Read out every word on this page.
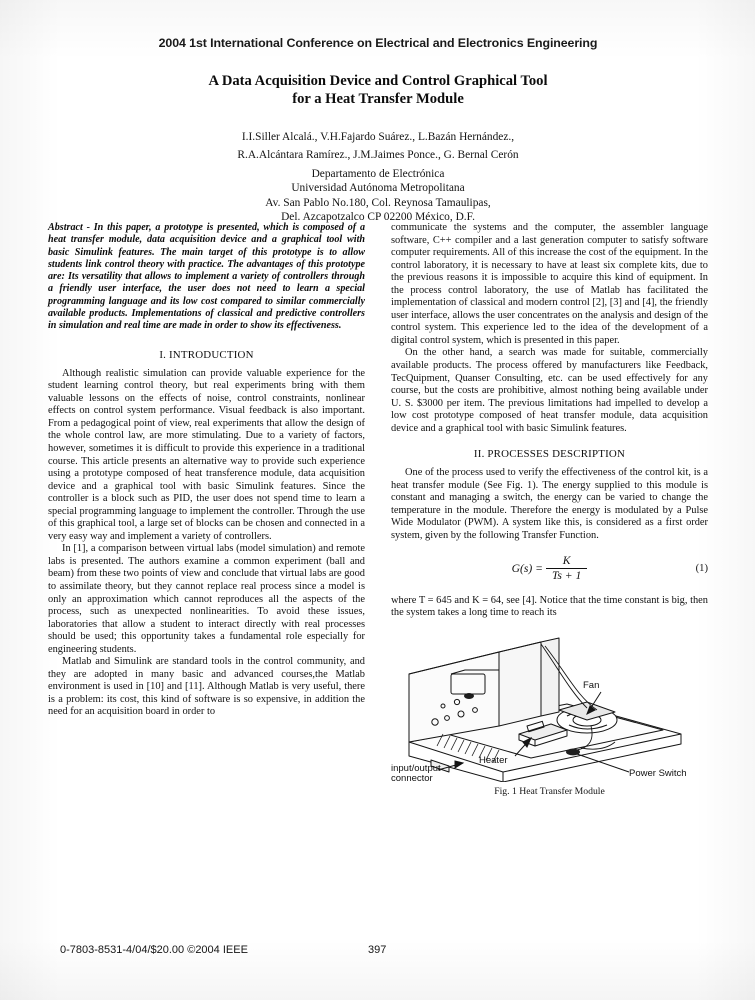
2004 1st International Conference on Electrical and Electronics Engineering
A Data Acquisition Device and Control Graphical Tool
for a Heat Transfer Module
I.I.Siller Alcalá., V.H.Fajardo Suárez., L.Bazán Hernández.,
R.A.Alcántara Ramírez., J.M.Jaimes Ponce., G. Bernal Cerón
Departamento de Electrónica
Universidad Autónoma Metropolitana
Av. San Pablo No.180, Col. Reynosa Tamaulipas,
Del. Azcapotzalco CP 02200 México, D.F.
Abstract - In this paper, a prototype is presented, which is composed of a heat transfer module, data acquisition device and a graphical tool with basic Simulink features. The main target of this prototype is to allow students link control theory with practice. The advantages of this prototype are: Its versatility that allows to implement a variety of controllers through a friendly user interface, the user does not need to learn a special programming language and its low cost compared to similar commercially available products. Implementations of classical and predictive controllers in simulation and real time are made in order to show its effectiveness.
I. INTRODUCTION

Although realistic simulation can provide valuable experience for the student learning control theory, but real experiments bring with them valuable lessons on the effects of noise, control constraints, nonlinear effects on control system performance. Visual feedback is also important. From a pedagogical point of view, real experiments that allow the design of the whole control law, are more stimulating. Due to a variety of factors, however, sometimes it is difficult to provide this experience in a traditional course. This article presents an alternative way to provide such experience using a prototype composed of heat transference module, data acquisition device and a graphical tool with basic Simulink features. Since the controller is a block such as PID, the user does not spend time to learn a special programming language to implement the controller. Through the use of this graphical tool, a large set of blocks can be chosen and connected in a very easy way and implement a variety of controllers.

In [1], a comparison between virtual labs (model simulation) and remote labs is presented. The authors examine a common experiment (ball and beam) from these two points of view and conclude that virtual labs are good to assimilate theory, but they cannot replace real process since a model is only an approximation which cannot reproduces all the aspects of the process, such as unexpected nonlinearities. To avoid these issues, laboratories that allow a student to interact directly with real processes should be used; this opportunity takes a fundamental role especially for engineering students.

Matlab and Simulink are standard tools in the control community, and they are adopted in many basic and advanced courses,the Matlab environment is used in [10] and [11]. Although Matlab is very useful, there is a problem: its cost, this kind of software is so expensive, in addition the need for an acquisition board in order to

communicate the systems and the computer, the assembler language software, C++ compiler and a last generation computer to satisfy software computer requirements. All of this increase the cost of the equipment. In the control laboratory, it is necessary to have at least six complete kits, due to the previous reasons it is impossible to acquire this kind of equipment. In the process control laboratory, the use of Matlab has facilitated the implementation of classical and modern control [2], [3] and [4], the friendly user interface, allows the user concentrates on the analysis and design of the control system. This experience led to the idea of the development of a digital control system, which is presented in this paper.

On the other hand, a search was made for suitable, commercially available products. The process offered by manufacturers like Feedback, TecQuipment, Quanser Consulting, etc. can be used effectively for any course, but the costs are prohibitive, almost nothing being available under U. S. $3000 per item. The previous limitations had impelled to develop a low cost prototype composed of heat transfer module, data acquisition device and a graphical tool with basic Simulink features.

II. PROCESSES DESCRIPTION

One of the process used to verify the effectiveness of the control kit, is a heat transfer module (See Fig. 1). The energy supplied to this module is constant and managing a switch, the energy can be varied to change the temperature in the module. Therefore the energy is modulated by a Pulse Wide Modulator (PWM). A system like this, is considered as a first order system, given by the following Transfer Function.

$G(s) = \frac{K}{Ts + 1}$	(1)

where T = 645 and K = 64, see [4]. Notice that the time constant is big, then the system takes a long time to reach its

Fan
Heater
input/output
connector	Power Switch
Fig. 1 Heat Transfer Module
0-7803-8531-4/04/$20.00 ©2004 IEEE	397
